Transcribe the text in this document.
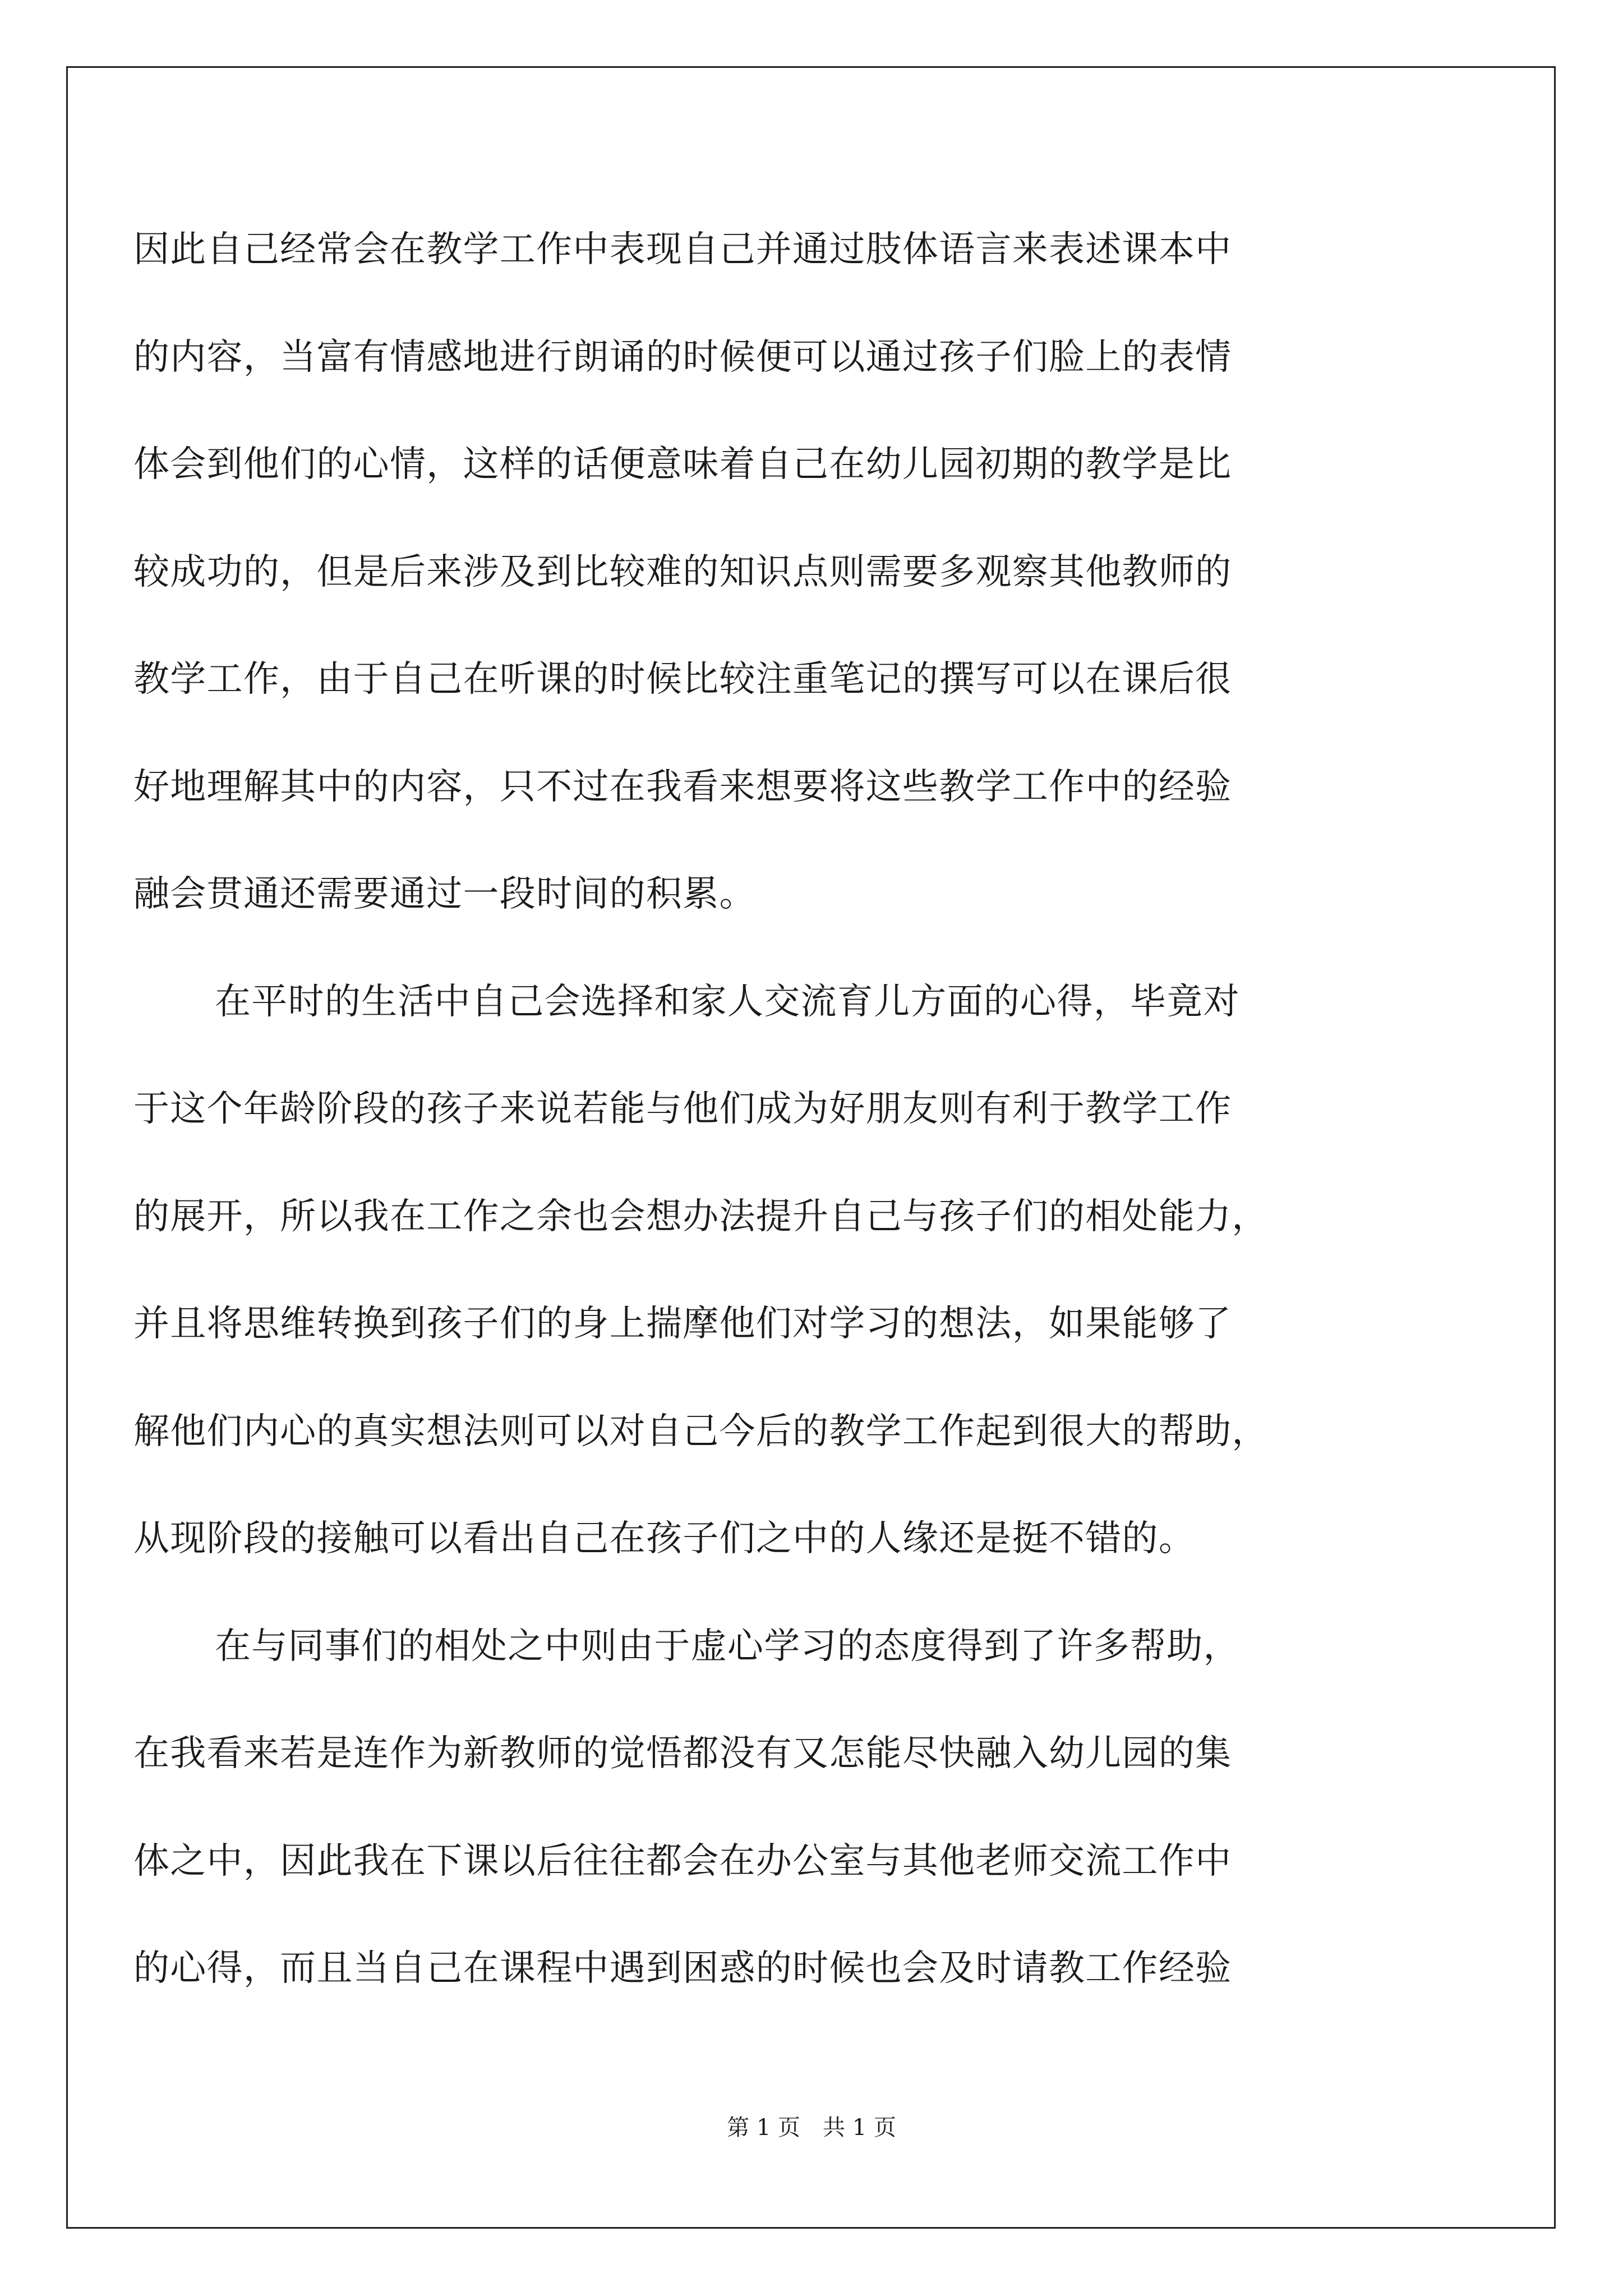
因此自己经常会在教学工作中表现自己并通过肢体语言来表述课本中
的内容，当富有情感地进行朗诵的时候便可以通过孩子们脸上的表情
体会到他们的心情，这样的话便意味着自己在幼儿园初期的教学是比
较成功的，但是后来涉及到比较难的知识点则需要多观察其他教师的
教学工作，由于自己在听课的时候比较注重笔记的撰写可以在课后很
好地理解其中的内容，只不过在我看来想要将这些教学工作中的经验
融会贯通还需要通过一段时间的积累。

在平时的生活中自己会选择和家人交流育儿方面的心得，毕竟对
于这个年龄阶段的孩子来说若能与他们成为好朋友则有利于教学工作
的展开，所以我在工作之余也会想办法提升自己与孩子们的相处能力，
并且将思维转换到孩子们的身上揣摩他们对学习的想法，如果能够了
解他们内心的真实想法则可以对自己今后的教学工作起到很大的帮助，
从现阶段的接触可以看出自己在孩子们之中的人缘还是挺不错的。

在与同事们的相处之中则由于虚心学习的态度得到了许多帮助，
在我看来若是连作为新教师的觉悟都没有又怎能尽快融入幼儿园的集
体之中，因此我在下课以后往往都会在办公室与其他老师交流工作中
的心得，而且当自己在课程中遇到困惑的时候也会及时请教工作经验

第 1 页　共 1 页
